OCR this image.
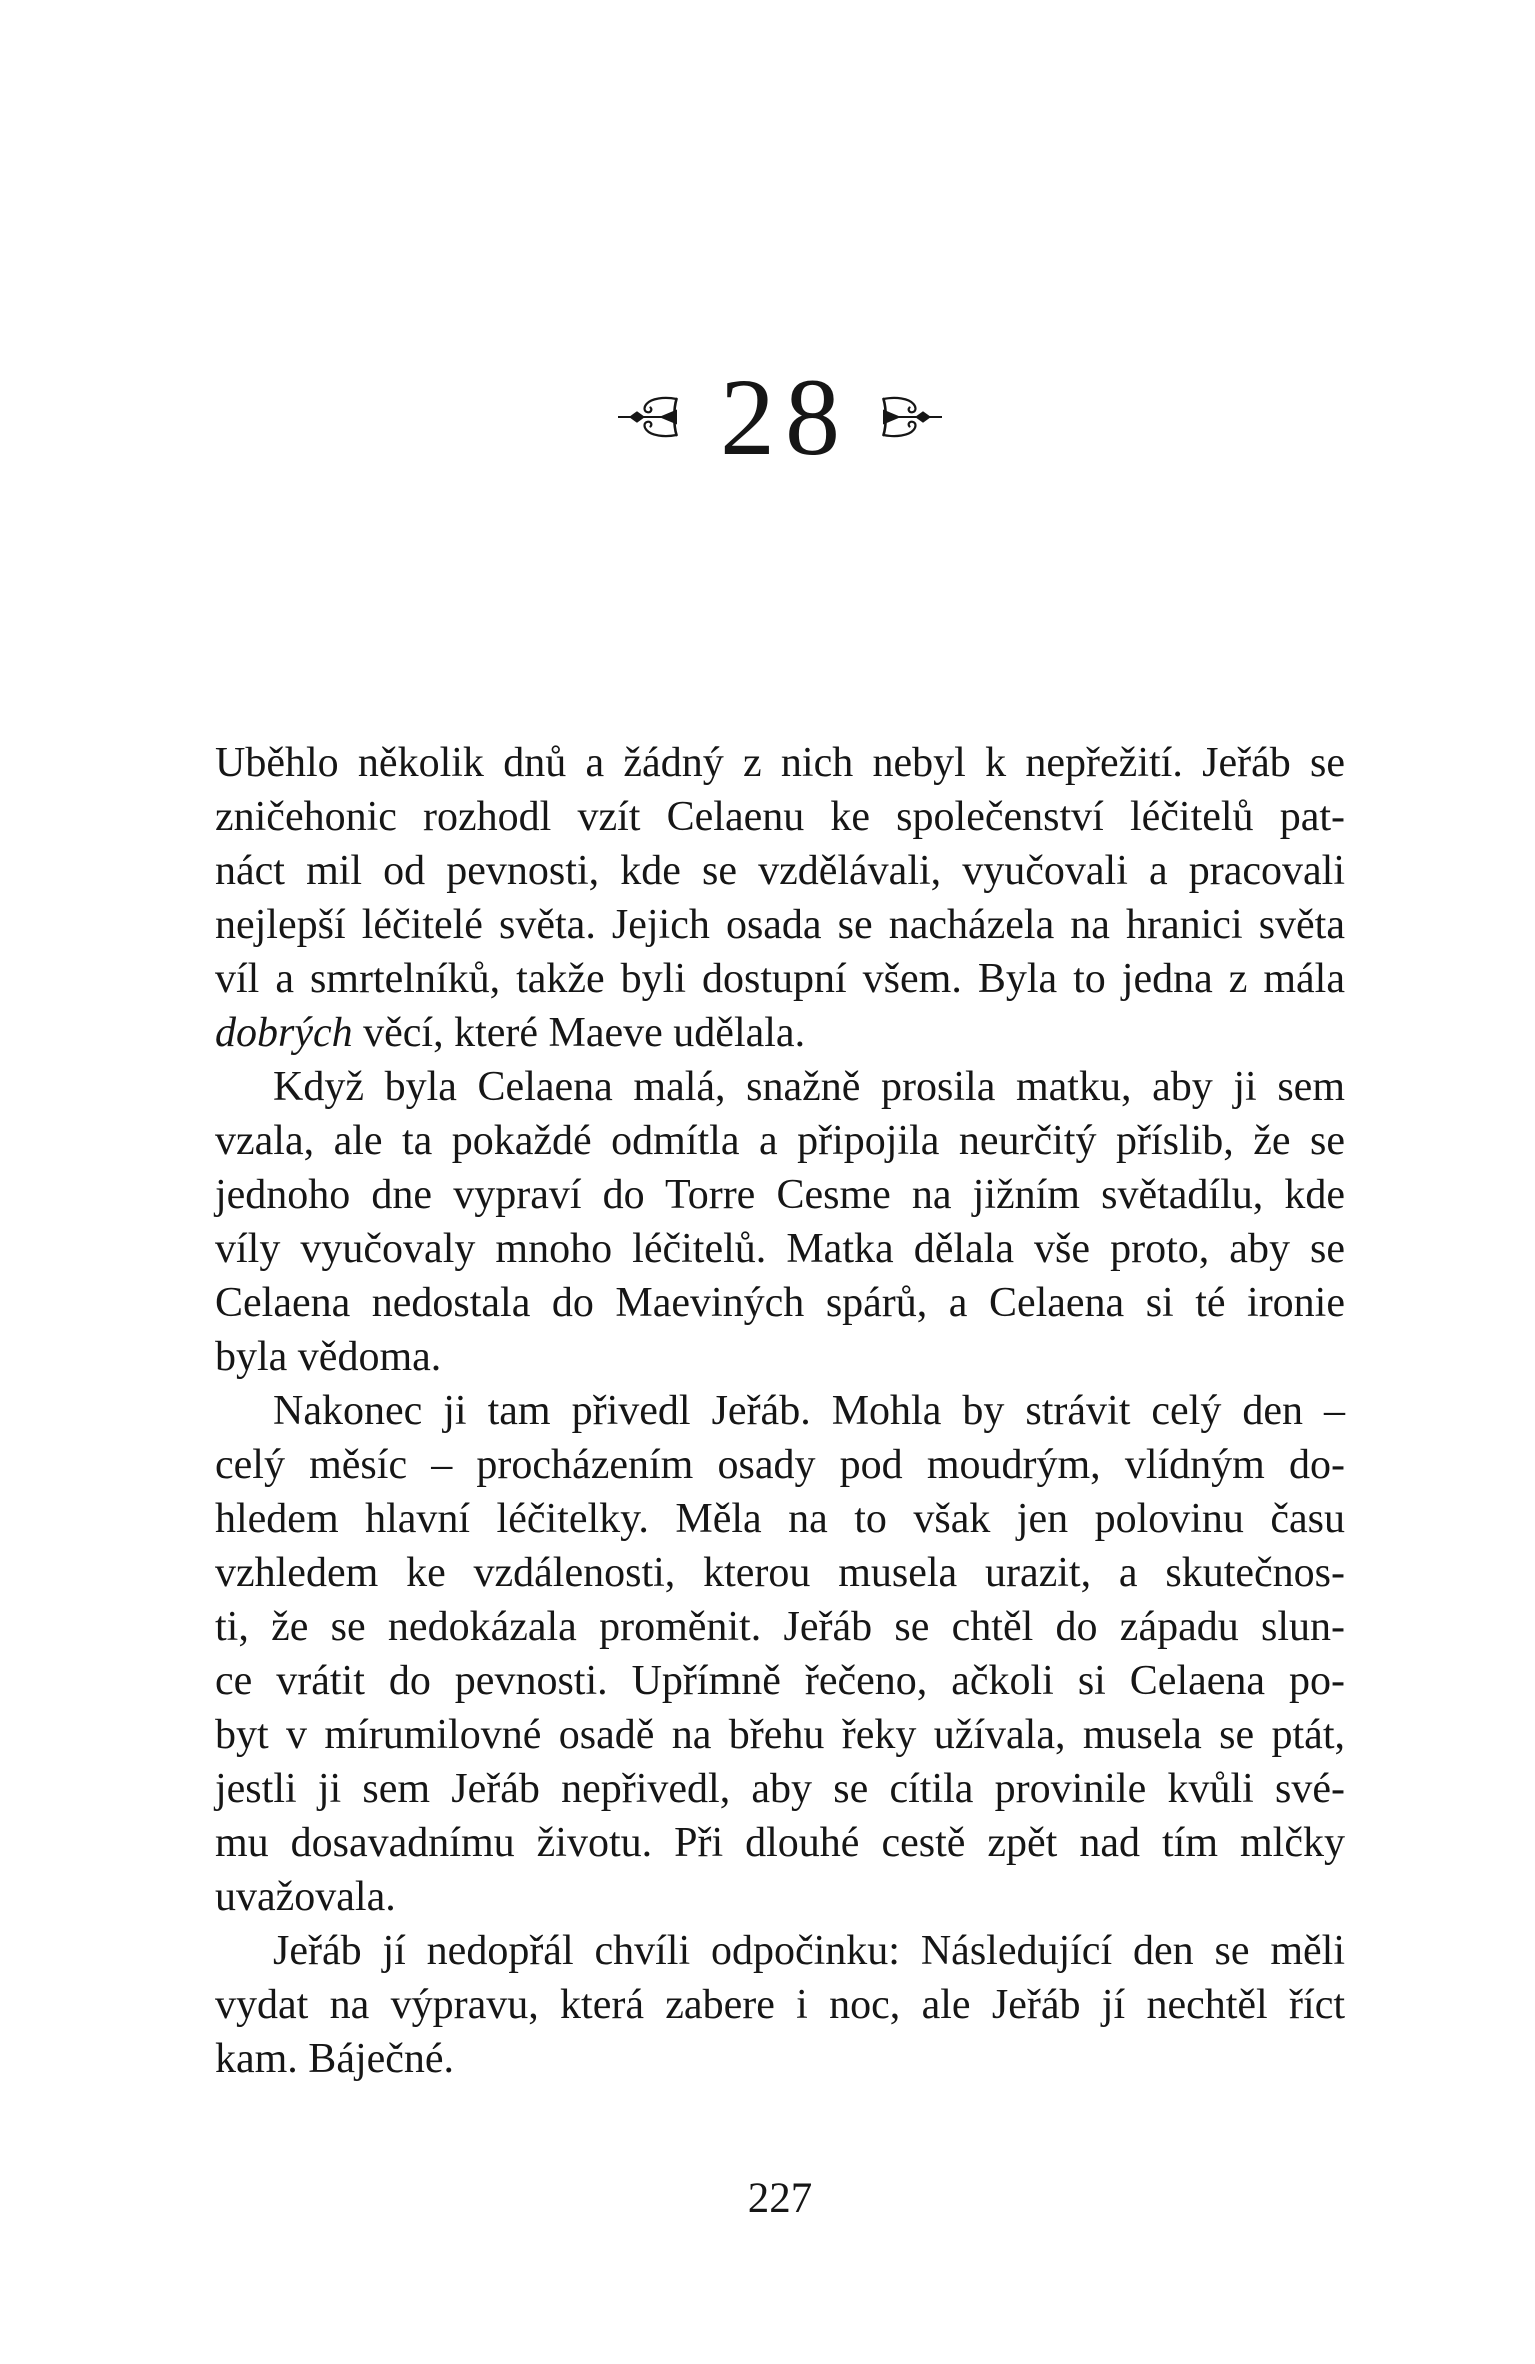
28
Uběhlo několik dnů a žádný z nich nebyl k nepřežití. Jeřáb se
zničehonic rozhodl vzít Celaenu ke společenství léčitelů pat-
náct mil od pevnosti, kde se vzdělávali, vyučovali a pracovali
nejlepší léčitelé světa. Jejich osada se nacházela na hranici světa
víl a smrtelníků, takže byli dostupní všem. Byla to jedna z mála
dobrých věcí, které Maeve udělala.
Když byla Celaena malá, snažně prosila matku, aby ji sem
vzala, ale ta pokaždé odmítla a připojila neurčitý příslib, že se
jednoho dne vypraví do Torre Cesme na jižním světadílu, kde
víly vyučovaly mnoho léčitelů. Matka dělala vše proto, aby se
Celaena nedostala do Maeviných spárů, a Celaena si té ironie
byla vědoma.
Nakonec ji tam přivedl Jeřáb. Mohla by strávit celý den –
celý měsíc – procházením osady pod moudrým, vlídným do-
hledem hlavní léčitelky. Měla na to však jen polovinu času
vzhledem ke vzdálenosti, kterou musela urazit, a skutečnos-
ti, že se nedokázala proměnit. Jeřáb se chtěl do západu slun-
ce vrátit do pevnosti. Upřímně řečeno, ačkoli si Celaena po-
byt v mírumilovné osadě na břehu řeky užívala, musela se ptát,
jestli ji sem Jeřáb nepřivedl, aby se cítila provinile kvůli své-
mu dosavadnímu životu. Při dlouhé cestě zpět nad tím mlčky
uvažovala.
Jeřáb jí nedopřál chvíli odpočinku: Následující den se měli
vydat na výpravu, která zabere i noc, ale Jeřáb jí nechtěl říct
kam. Báječné.
227
